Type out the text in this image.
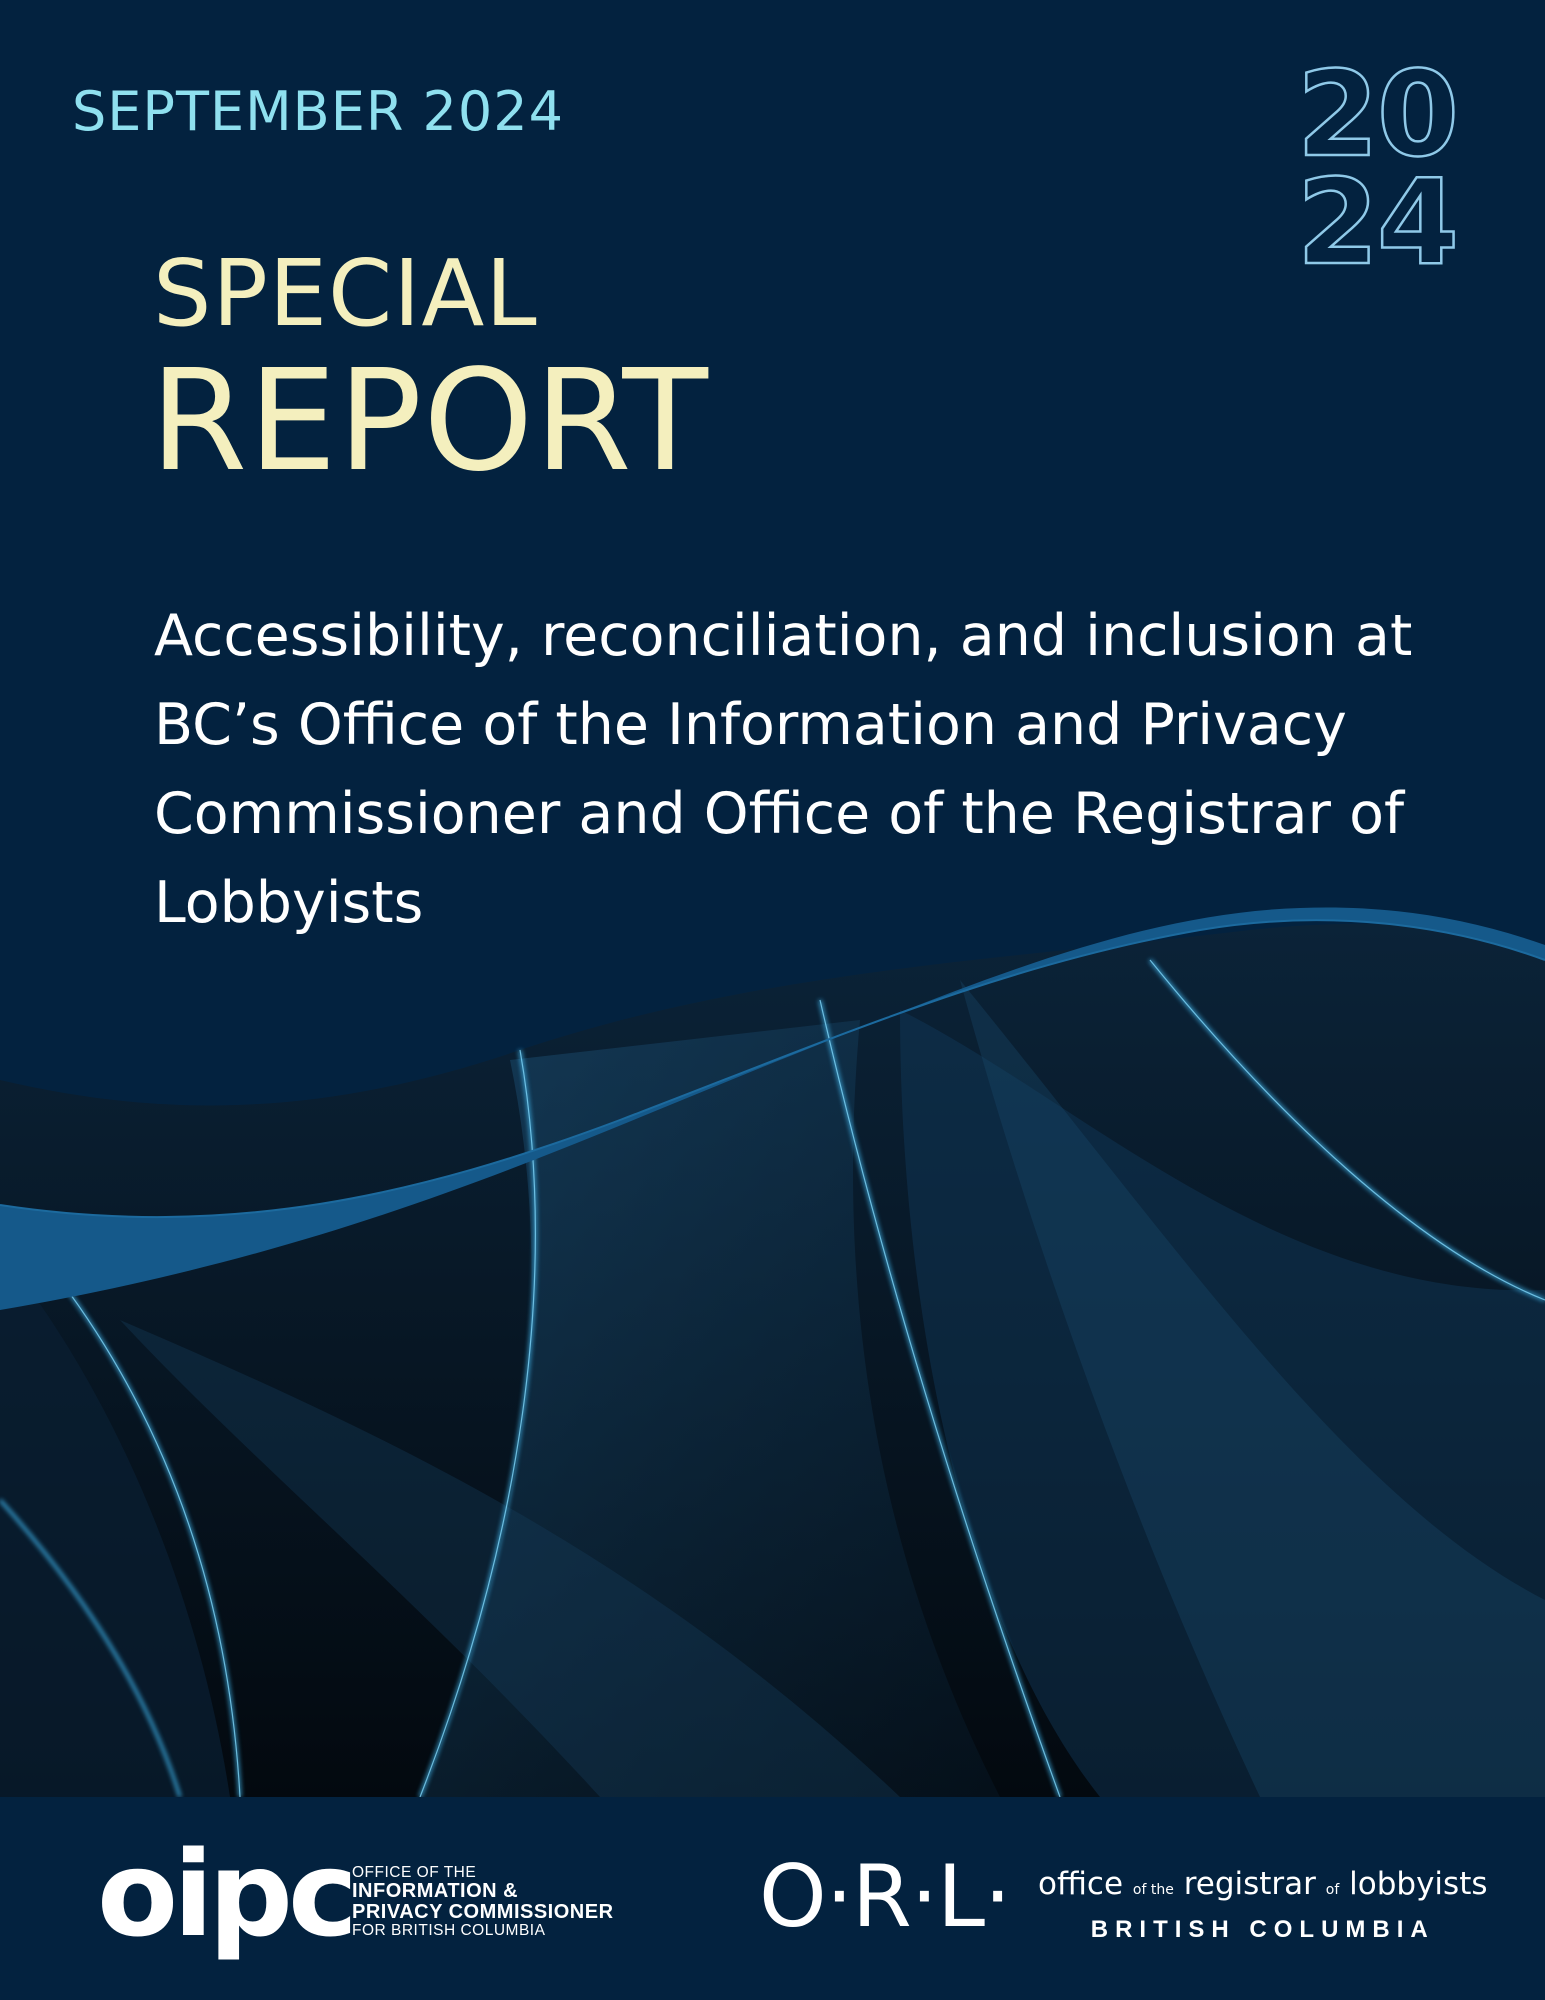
SEPTEMBER 2024	20
24
SPECIAL
REPORT
Accessibility, reconciliation, and inclusion at BC’s Office of the Information and Privacy Commissioner and Office of the Registrar of Lobbyists
oipc OFFICE OF THE
INFORMATION &
PRIVACY COMMISSIONER
FOR BRITISH COLUMBIA	O·R·L· office of the registrar of lobbyists
BRITISH COLUMBIA
